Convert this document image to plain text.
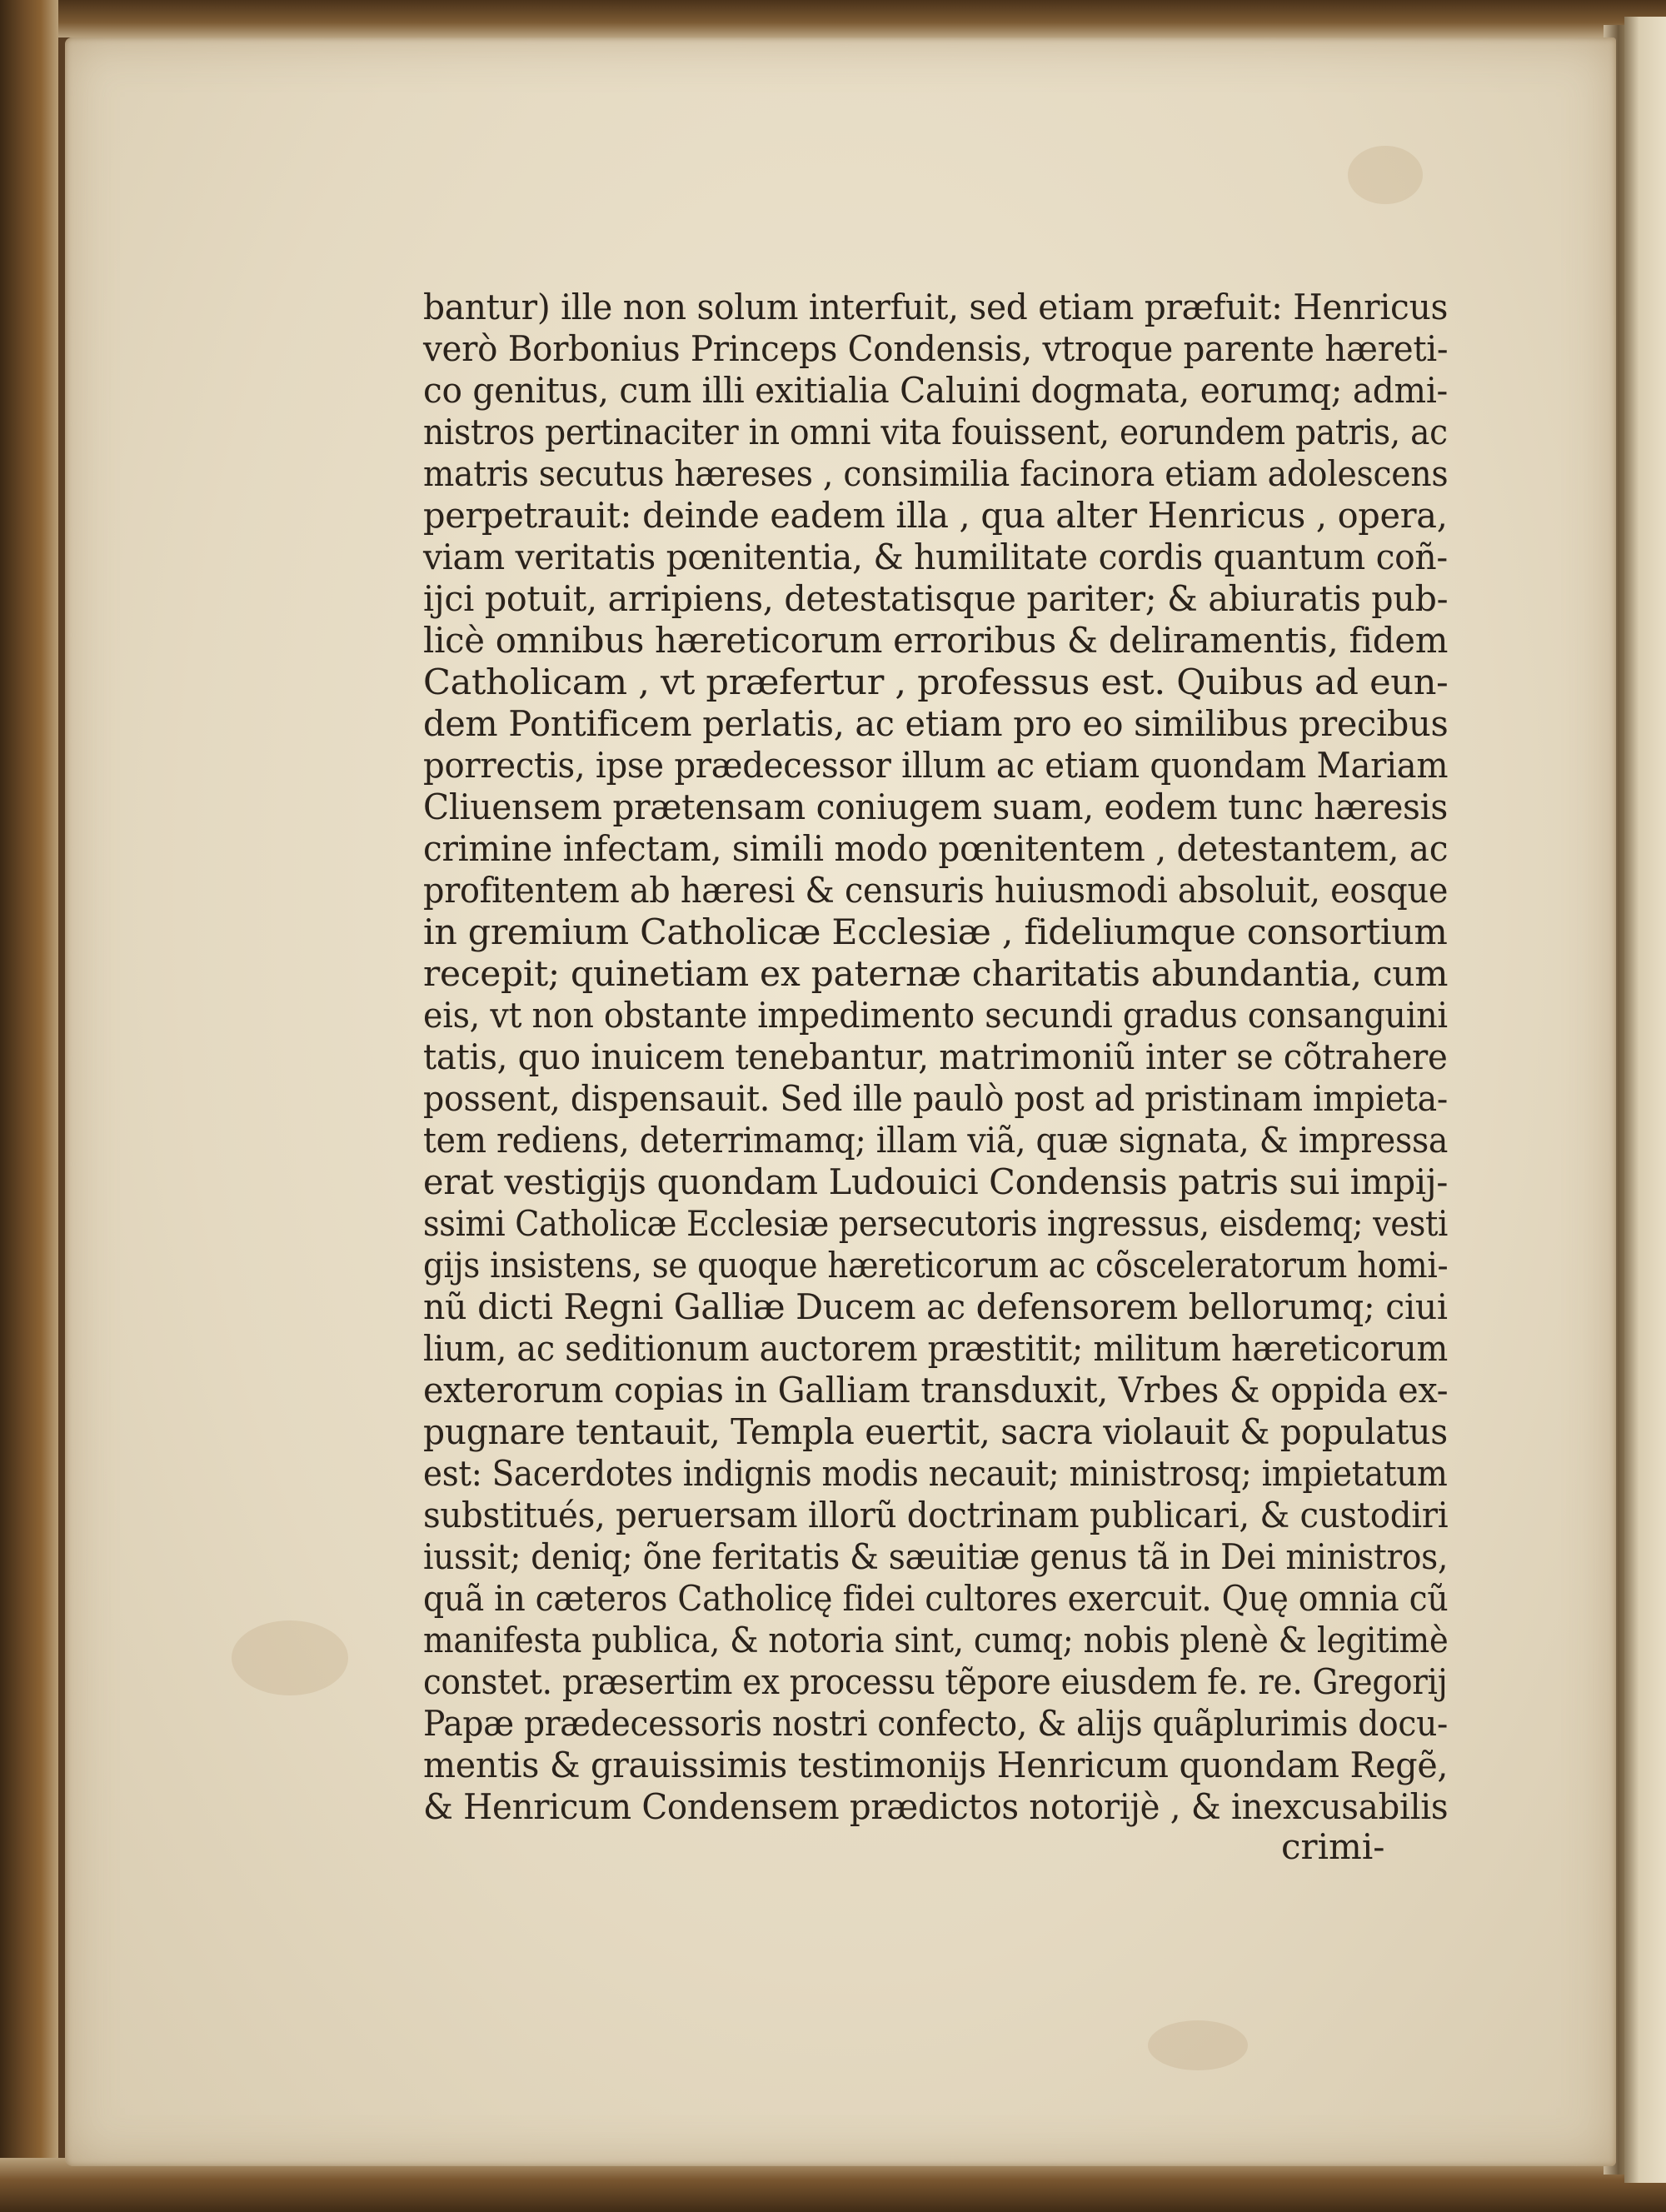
bantur) ille non solum interfuit, sed etiam præfuit: Henricus
verò Borbonius Princeps Condensis, vtroque parente hæreti-
co genitus, cum illi exitialia Caluini dogmata, eorumq; admi-
nistros pertinaciter in omni vita fouissent, eorundem patris, ac
matris secutus hæreses , consimilia facinora etiam adolescens
perpetrauit: deinde eadem illa , qua alter Henricus , opera,
viam veritatis pœnitentia, & humilitate cordis quantum coñ-
ijci potuit, arripiens, detestatisque pariter; & abiuratis pub-
licè omnibus hæreticorum erroribus & deliramentis, fidem
Catholicam , vt præfertur , professus est. Quibus ad eun-
dem Pontificem perlatis, ac etiam pro eo similibus precibus
porrectis, ipse prædecessor illum ac etiam quondam Mariam
Cliuensem prætensam coniugem suam, eodem tunc hæresis
crimine infectam, simili modo pœnitentem , detestantem, ac
profitentem ab hæresi & censuris huiusmodi absoluit, eosque
in gremium Catholicæ Ecclesiæ , fideliumque consortium
recepit; quinetiam ex paternæ charitatis abundantia, cum
eis, vt non obstante impedimento secundi gradus consanguini
tatis, quo inuicem tenebantur, matrimoniũ inter se cõtrahere
possent, dispensauit. Sed ille paulò post ad pristinam impieta-
tem rediens, deterrimamq; illam viã, quæ signata, & impressa
erat vestigijs quondam Ludouici Condensis patris sui impij-
ssimi Catholicæ Ecclesiæ persecutoris ingressus, eisdemq; vesti
gijs insistens, se quoque hæreticorum ac cõsceleratorum homi-
nũ dicti Regni Galliæ Ducem ac defensorem bellorumq; ciui
lium, ac seditionum auctorem præstitit; militum hæreticorum
exterorum copias in Galliam transduxit, Vrbes & oppida ex-
pugnare tentauit, Templa euertit, sacra violauit & populatus
est: Sacerdotes indignis modis necauit; ministrosq; impietatum
substitués, peruersam illorũ doctrinam publicari, & custodiri
iussit; deniq; õne feritatis & sæuitiæ genus tã in Dei ministros,
quã in cæteros Catholicę fidei cultores exercuit. Quę omnia cũ
manifesta publica, & notoria sint, cumq; nobis plenè & legitimè
constet. præsertim ex processu tẽpore eiusdem fe. re. Gregorij
Papæ prædecessoris nostri confecto, & alijs quãplurimis docu-
mentis & grauissimis testimonijs Henricum quondam Regẽ,
& Henricum Condensem prædictos notorijè , & inexcusabilis
crimi-
